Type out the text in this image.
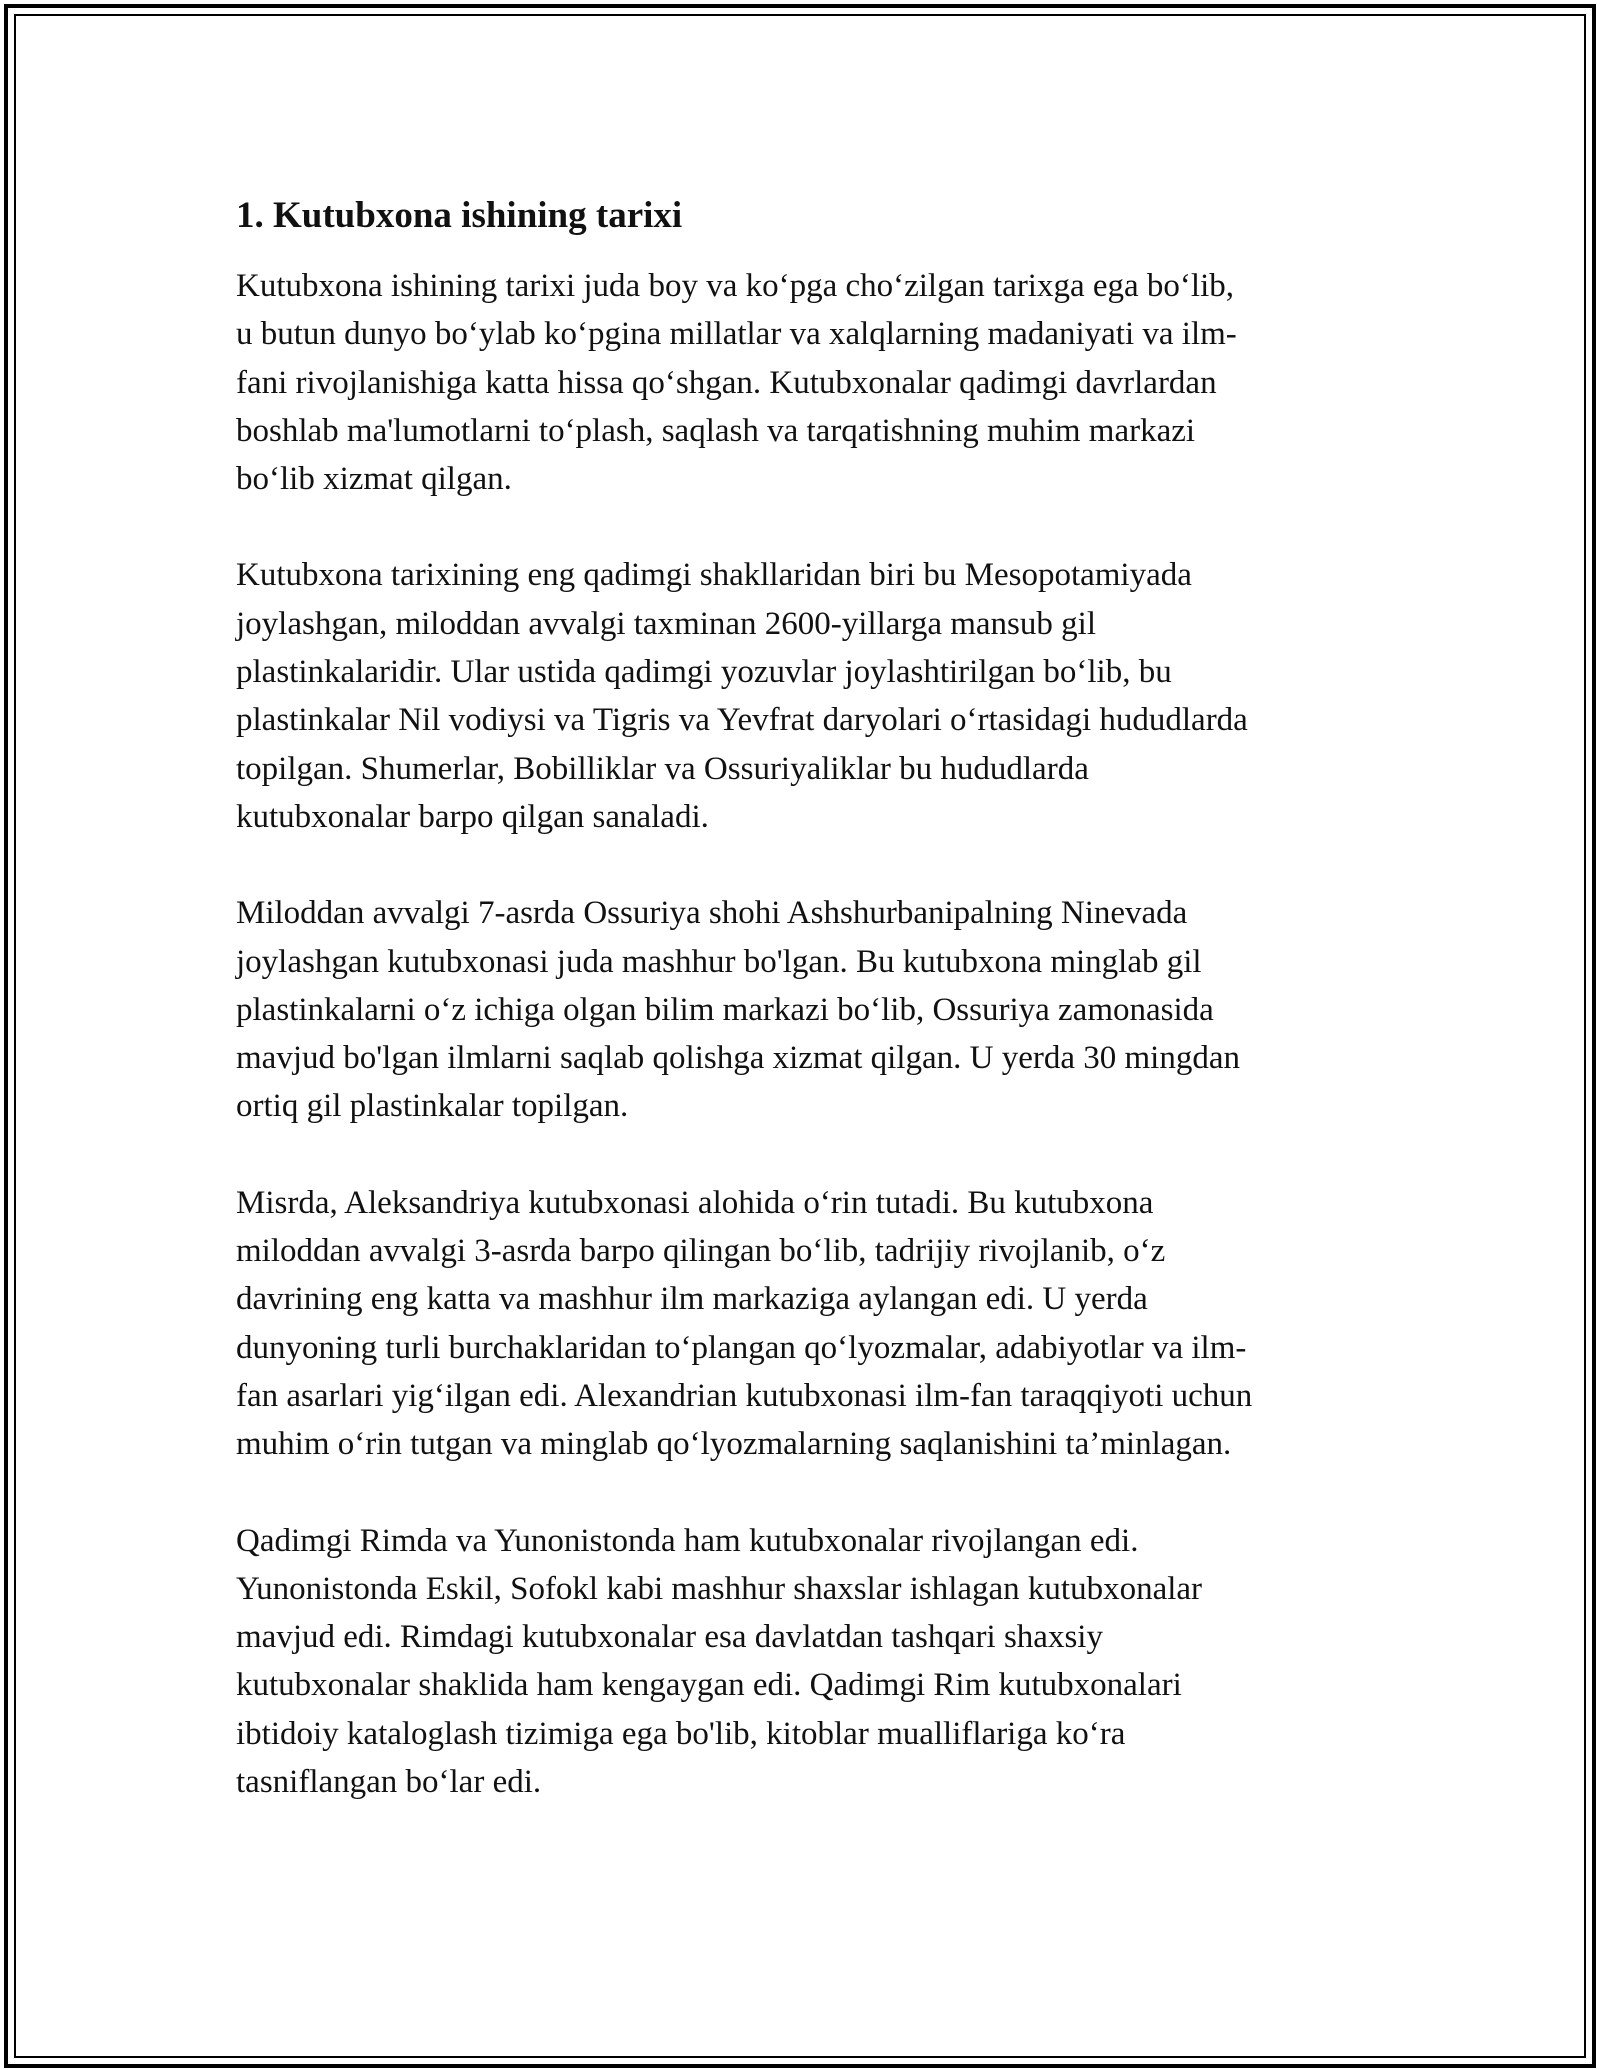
1. Kutubxona ishining tarixi

Kutubxona ishining tarixi juda boy va ko‘pga cho‘zilgan tarixga ega bo‘lib,
u butun dunyo bo‘ylab ko‘pgina millatlar va xalqlarning madaniyati va ilm-
fani rivojlanishiga katta hissa qo‘shgan. Kutubxonalar qadimgi davrlardan
boshlab ma'lumotlarni to‘plash, saqlash va tarqatishning muhim markazi
bo‘lib xizmat qilgan.

Kutubxona tarixining eng qadimgi shakllaridan biri bu Mesopotamiyada
joylashgan, miloddan avvalgi taxminan 2600-yillarga mansub gil
plastinkalaridir. Ular ustida qadimgi yozuvlar joylashtirilgan bo‘lib, bu
plastinkalar Nil vodiysi va Tigris va Yevfrat daryolari o‘rtasidagi hududlarda
topilgan. Shumerlar, Bobilliklar va Ossuriyaliklar bu hududlarda
kutubxonalar barpo qilgan sanaladi.

Miloddan avvalgi 7-asrda Ossuriya shohi Ashshurbanipalning Ninevada
joylashgan kutubxonasi juda mashhur bo'lgan. Bu kutubxona minglab gil
plastinkalarni o‘z ichiga olgan bilim markazi bo‘lib, Ossuriya zamonasida
mavjud bo'lgan ilmlarni saqlab qolishga xizmat qilgan. U yerda 30 mingdan
ortiq gil plastinkalar topilgan.

Misrda, Aleksandriya kutubxonasi alohida o‘rin tutadi. Bu kutubxona
miloddan avvalgi 3-asrda barpo qilingan bo‘lib, tadrijiy rivojlanib, o‘z
davrining eng katta va mashhur ilm markaziga aylangan edi. U yerda
dunyoning turli burchaklaridan to‘plangan qo‘lyozmalar, adabiyotlar va ilm-
fan asarlari yig‘ilgan edi. Alexandrian kutubxonasi ilm-fan taraqqiyoti uchun
muhim o‘rin tutgan va minglab qo‘lyozmalarning saqlanishini ta’minlagan.

Qadimgi Rimda va Yunonistonda ham kutubxonalar rivojlangan edi.
Yunonistonda Eskil, Sofokl kabi mashhur shaxslar ishlagan kutubxonalar
mavjud edi. Rimdagi kutubxonalar esa davlatdan tashqari shaxsiy
kutubxonalar shaklida ham kengaygan edi. Qadimgi Rim kutubxonalari
ibtidoiy kataloglash tizimiga ega bo'lib, kitoblar mualliflariga ko‘ra
tasniflangan bo‘lar edi.
